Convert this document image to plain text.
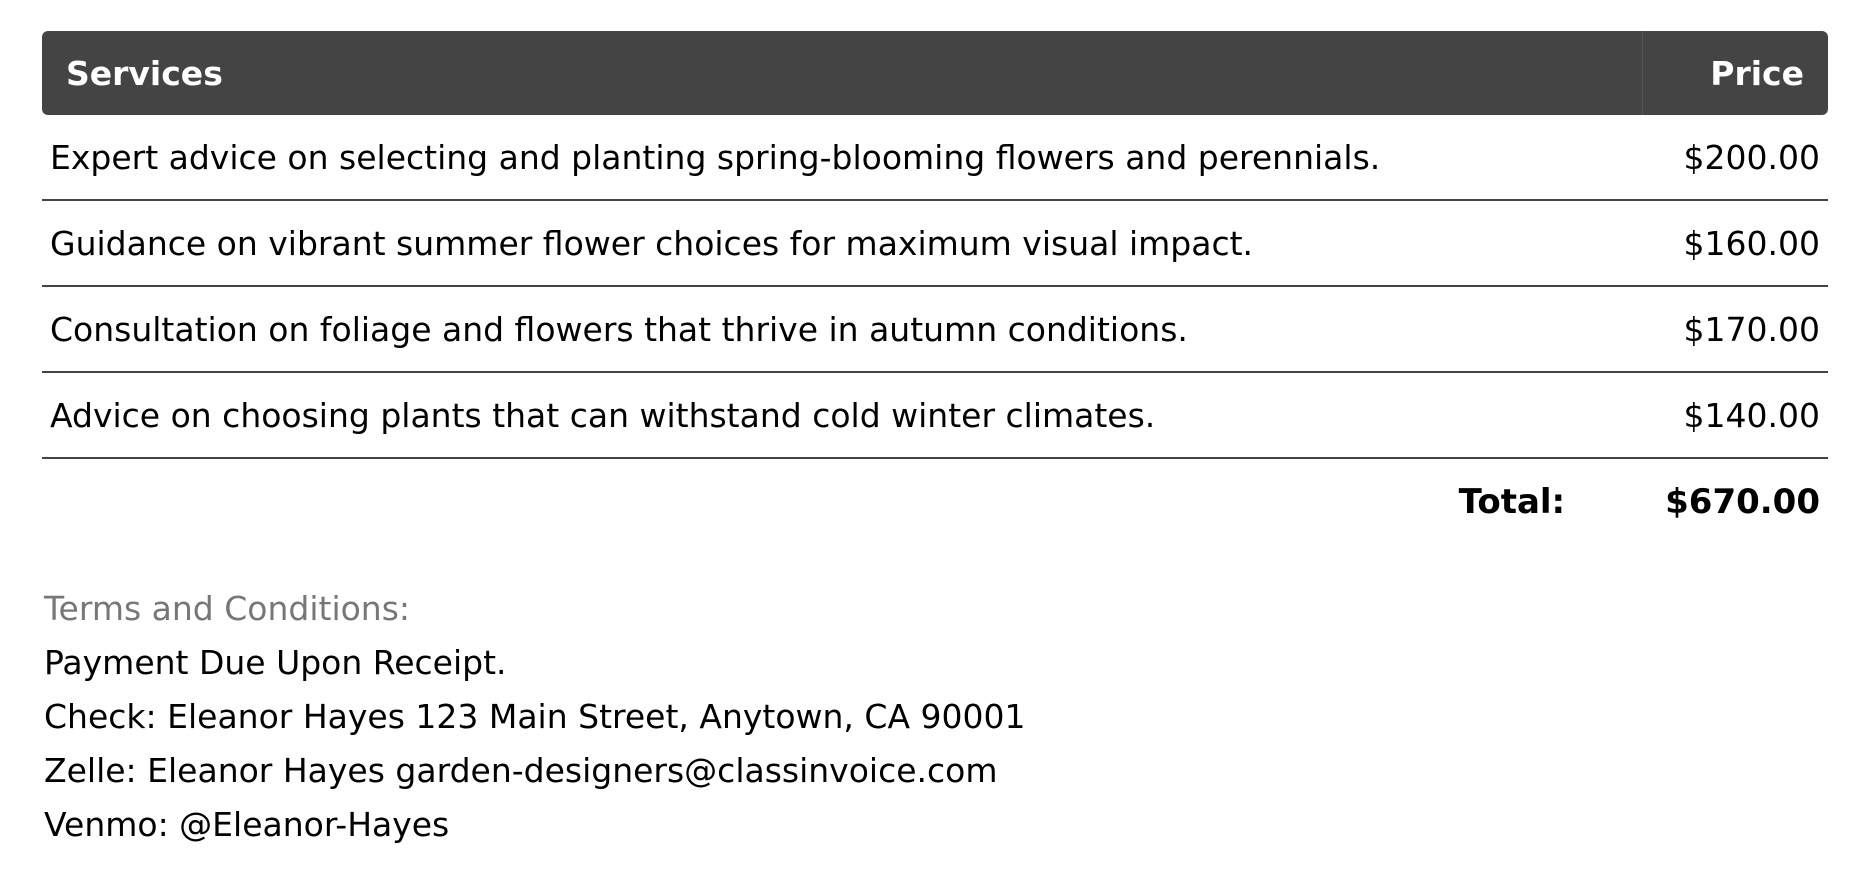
Services	Price
Expert advice on selecting and planting spring-blooming flowers and perennials.	$200.00
Guidance on vibrant summer flower choices for maximum visual impact.	$160.00
Consultation on foliage and flowers that thrive in autumn conditions.	$170.00
Advice on choosing plants that can withstand cold winter climates.	$140.00
Total:	$670.00
Terms and Conditions:
Payment Due Upon Receipt.
Check: Eleanor Hayes 123 Main Street, Anytown, CA 90001
Zelle: Eleanor Hayes garden-designers@classinvoice.com
Venmo: @Eleanor-Hayes
